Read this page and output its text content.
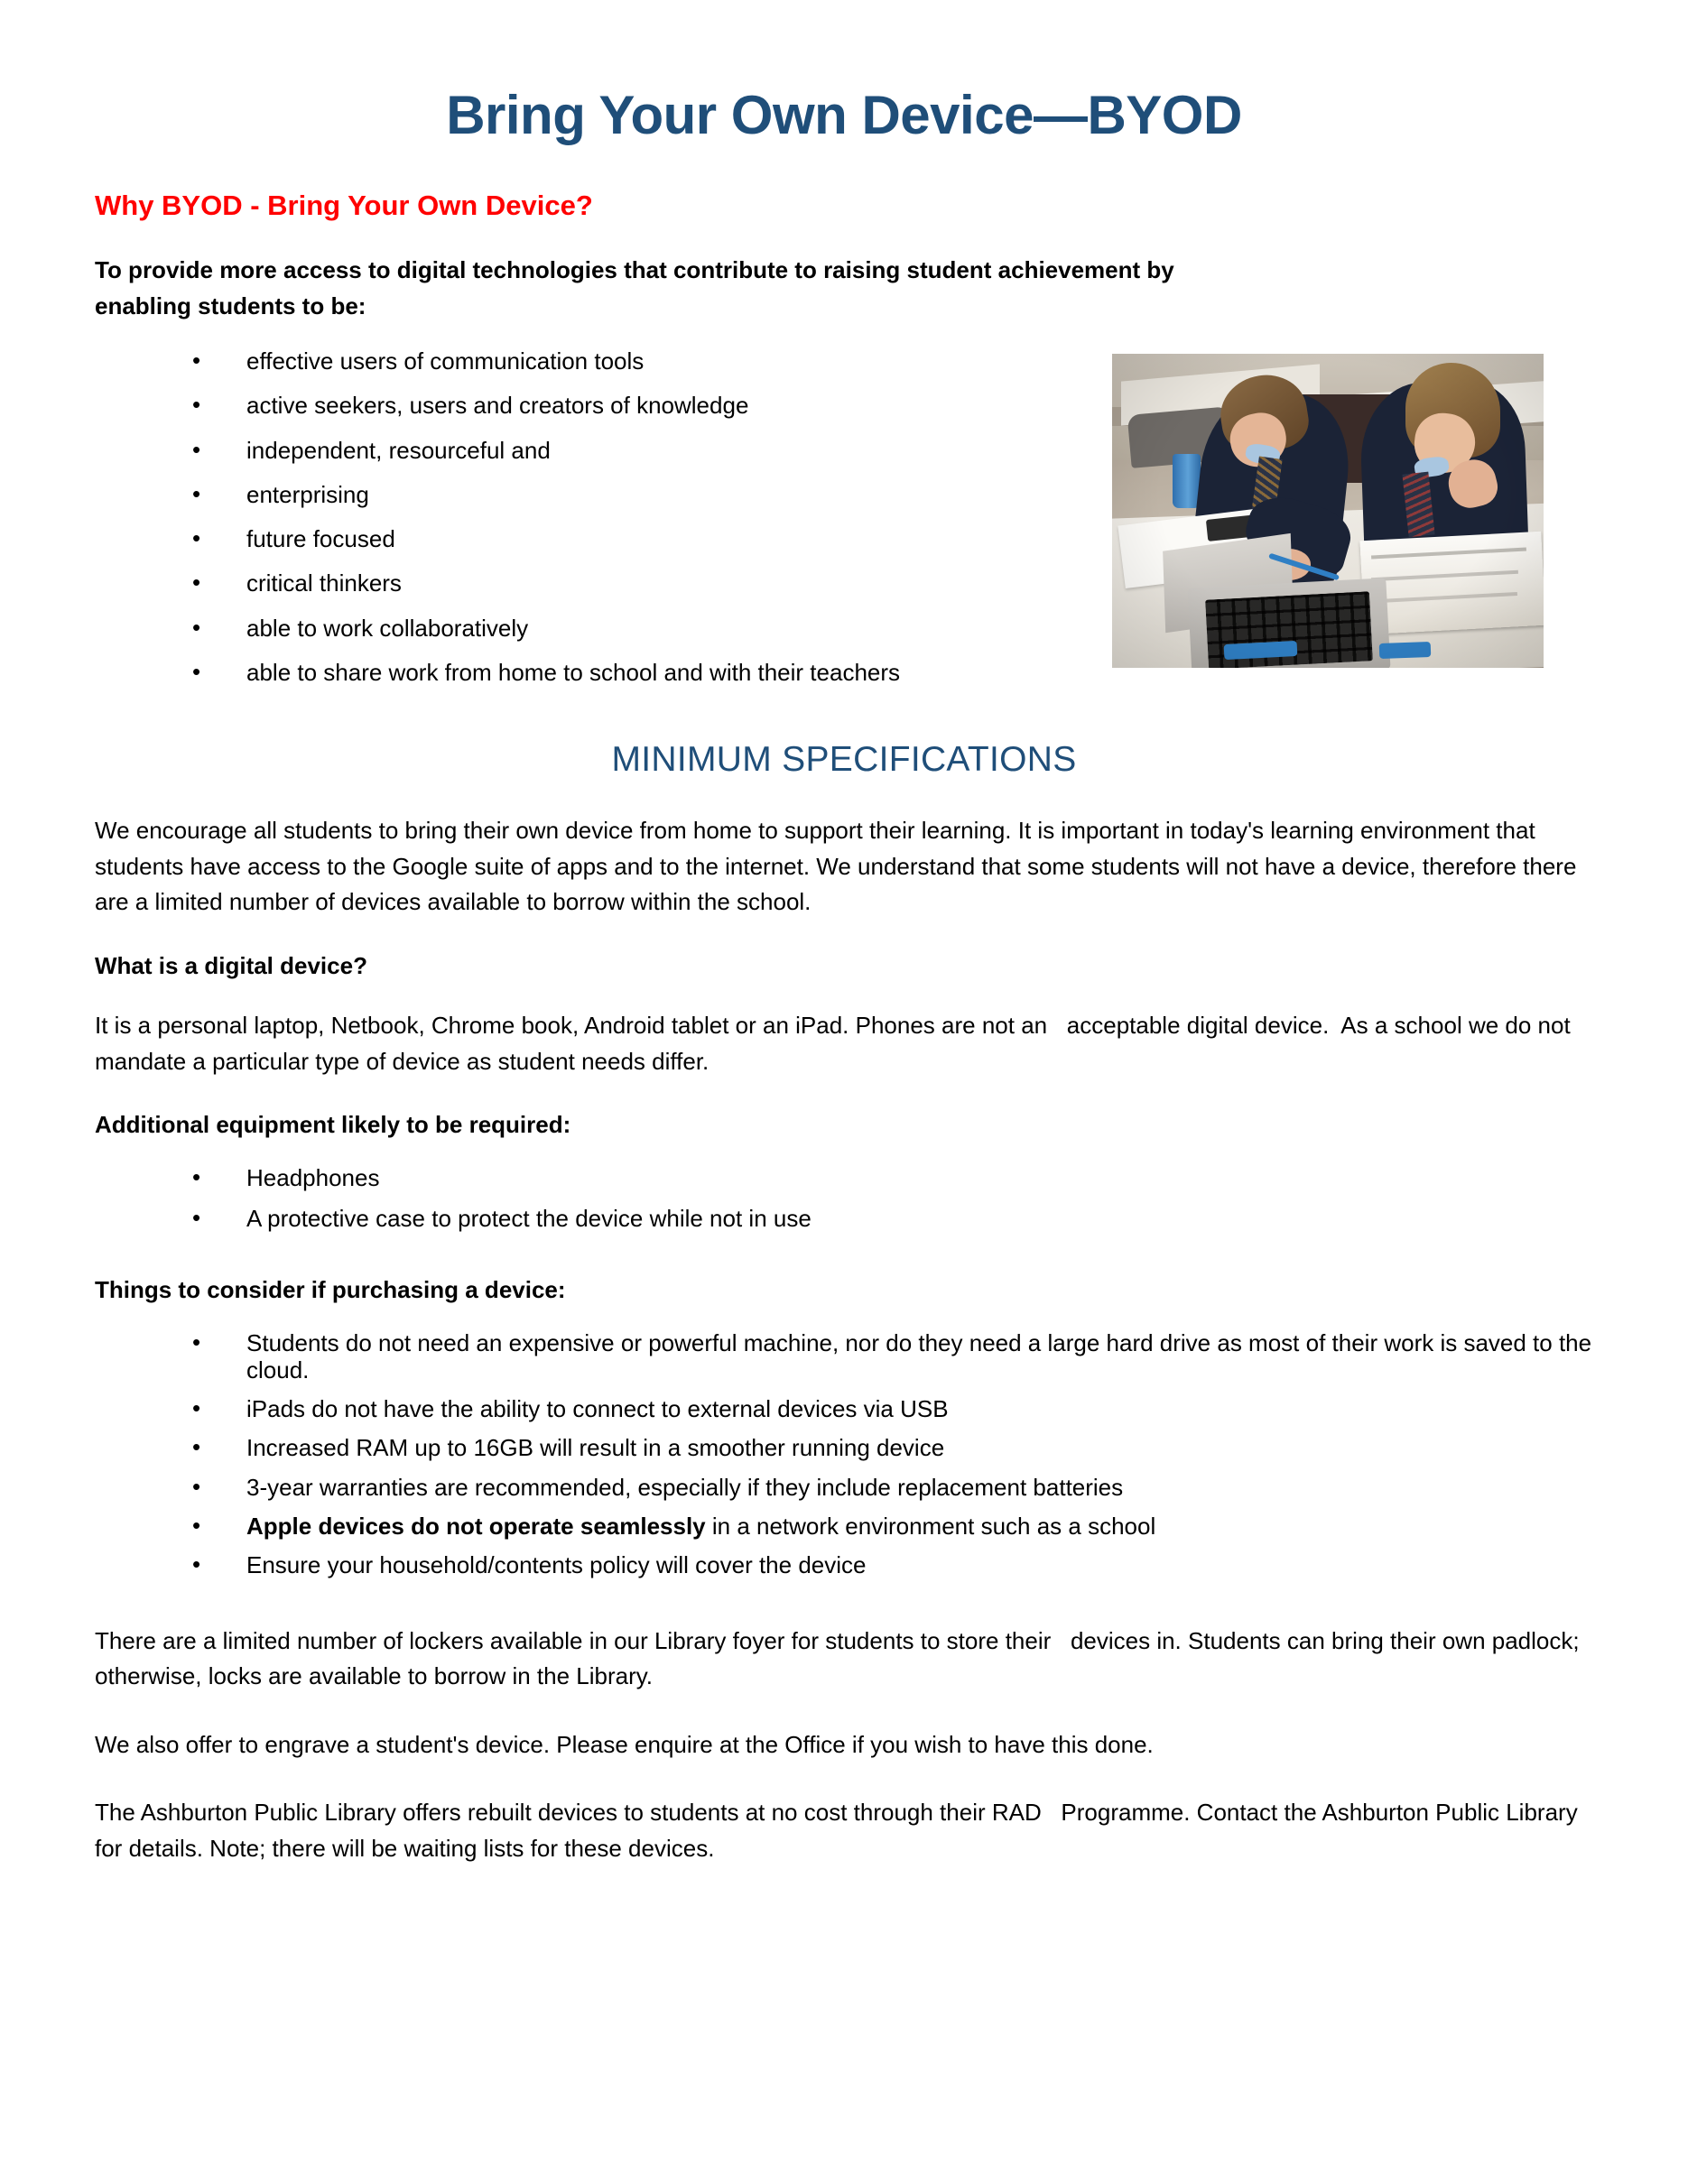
Bring Your Own Device—BYOD
Why BYOD - Bring Your Own Device?

To provide more access to digital technologies that contribute to raising student achievement by enabling students to be:

• effective users of communication tools
• active seekers, users and creators of knowledge
• independent, resourceful and
• enterprising
• future focused
• critical thinkers
• able to work collaboratively
• able to share work from home to school and with their teachers
MINIMUM SPECIFICATIONS

We encourage all students to bring their own device from home to support their learning. It is important in today's learning environment that students have access to the Google suite of apps and to the internet. We understand that some students will not have a device, therefore there are a limited number of devices available to borrow within the school.

What is a digital device?

It is a personal laptop, Netbook, Chrome book, Android tablet or an iPad. Phones are not an   acceptable digital device.  As a school we do not mandate a particular type of device as student needs differ.

Additional equipment likely to be required:
• Headphones
• A protective case to protect the device while not in use
Things to consider if purchasing a device:
• Students do not need an expensive or powerful machine, nor do they need a large hard drive as most of their work is saved to the cloud.
• iPads do not have the ability to connect to external devices via USB
• Increased RAM up to 16GB will result in a smoother running device
• 3-year warranties are recommended, especially if they include replacement batteries
• Apple devices do not operate seamlessly in a network environment such as a school
• Ensure your household/contents policy will cover the device

There are a limited number of lockers available in our Library foyer for students to store their   devices in. Students can bring their own padlock; otherwise, locks are available to borrow in the Library.

We also offer to engrave a student's device. Please enquire at the Office if you wish to have this done.

The Ashburton Public Library offers rebuilt devices to students at no cost through their RAD   Programme. Contact the Ashburton Public Library for details. Note; there will be waiting lists for these devices.
